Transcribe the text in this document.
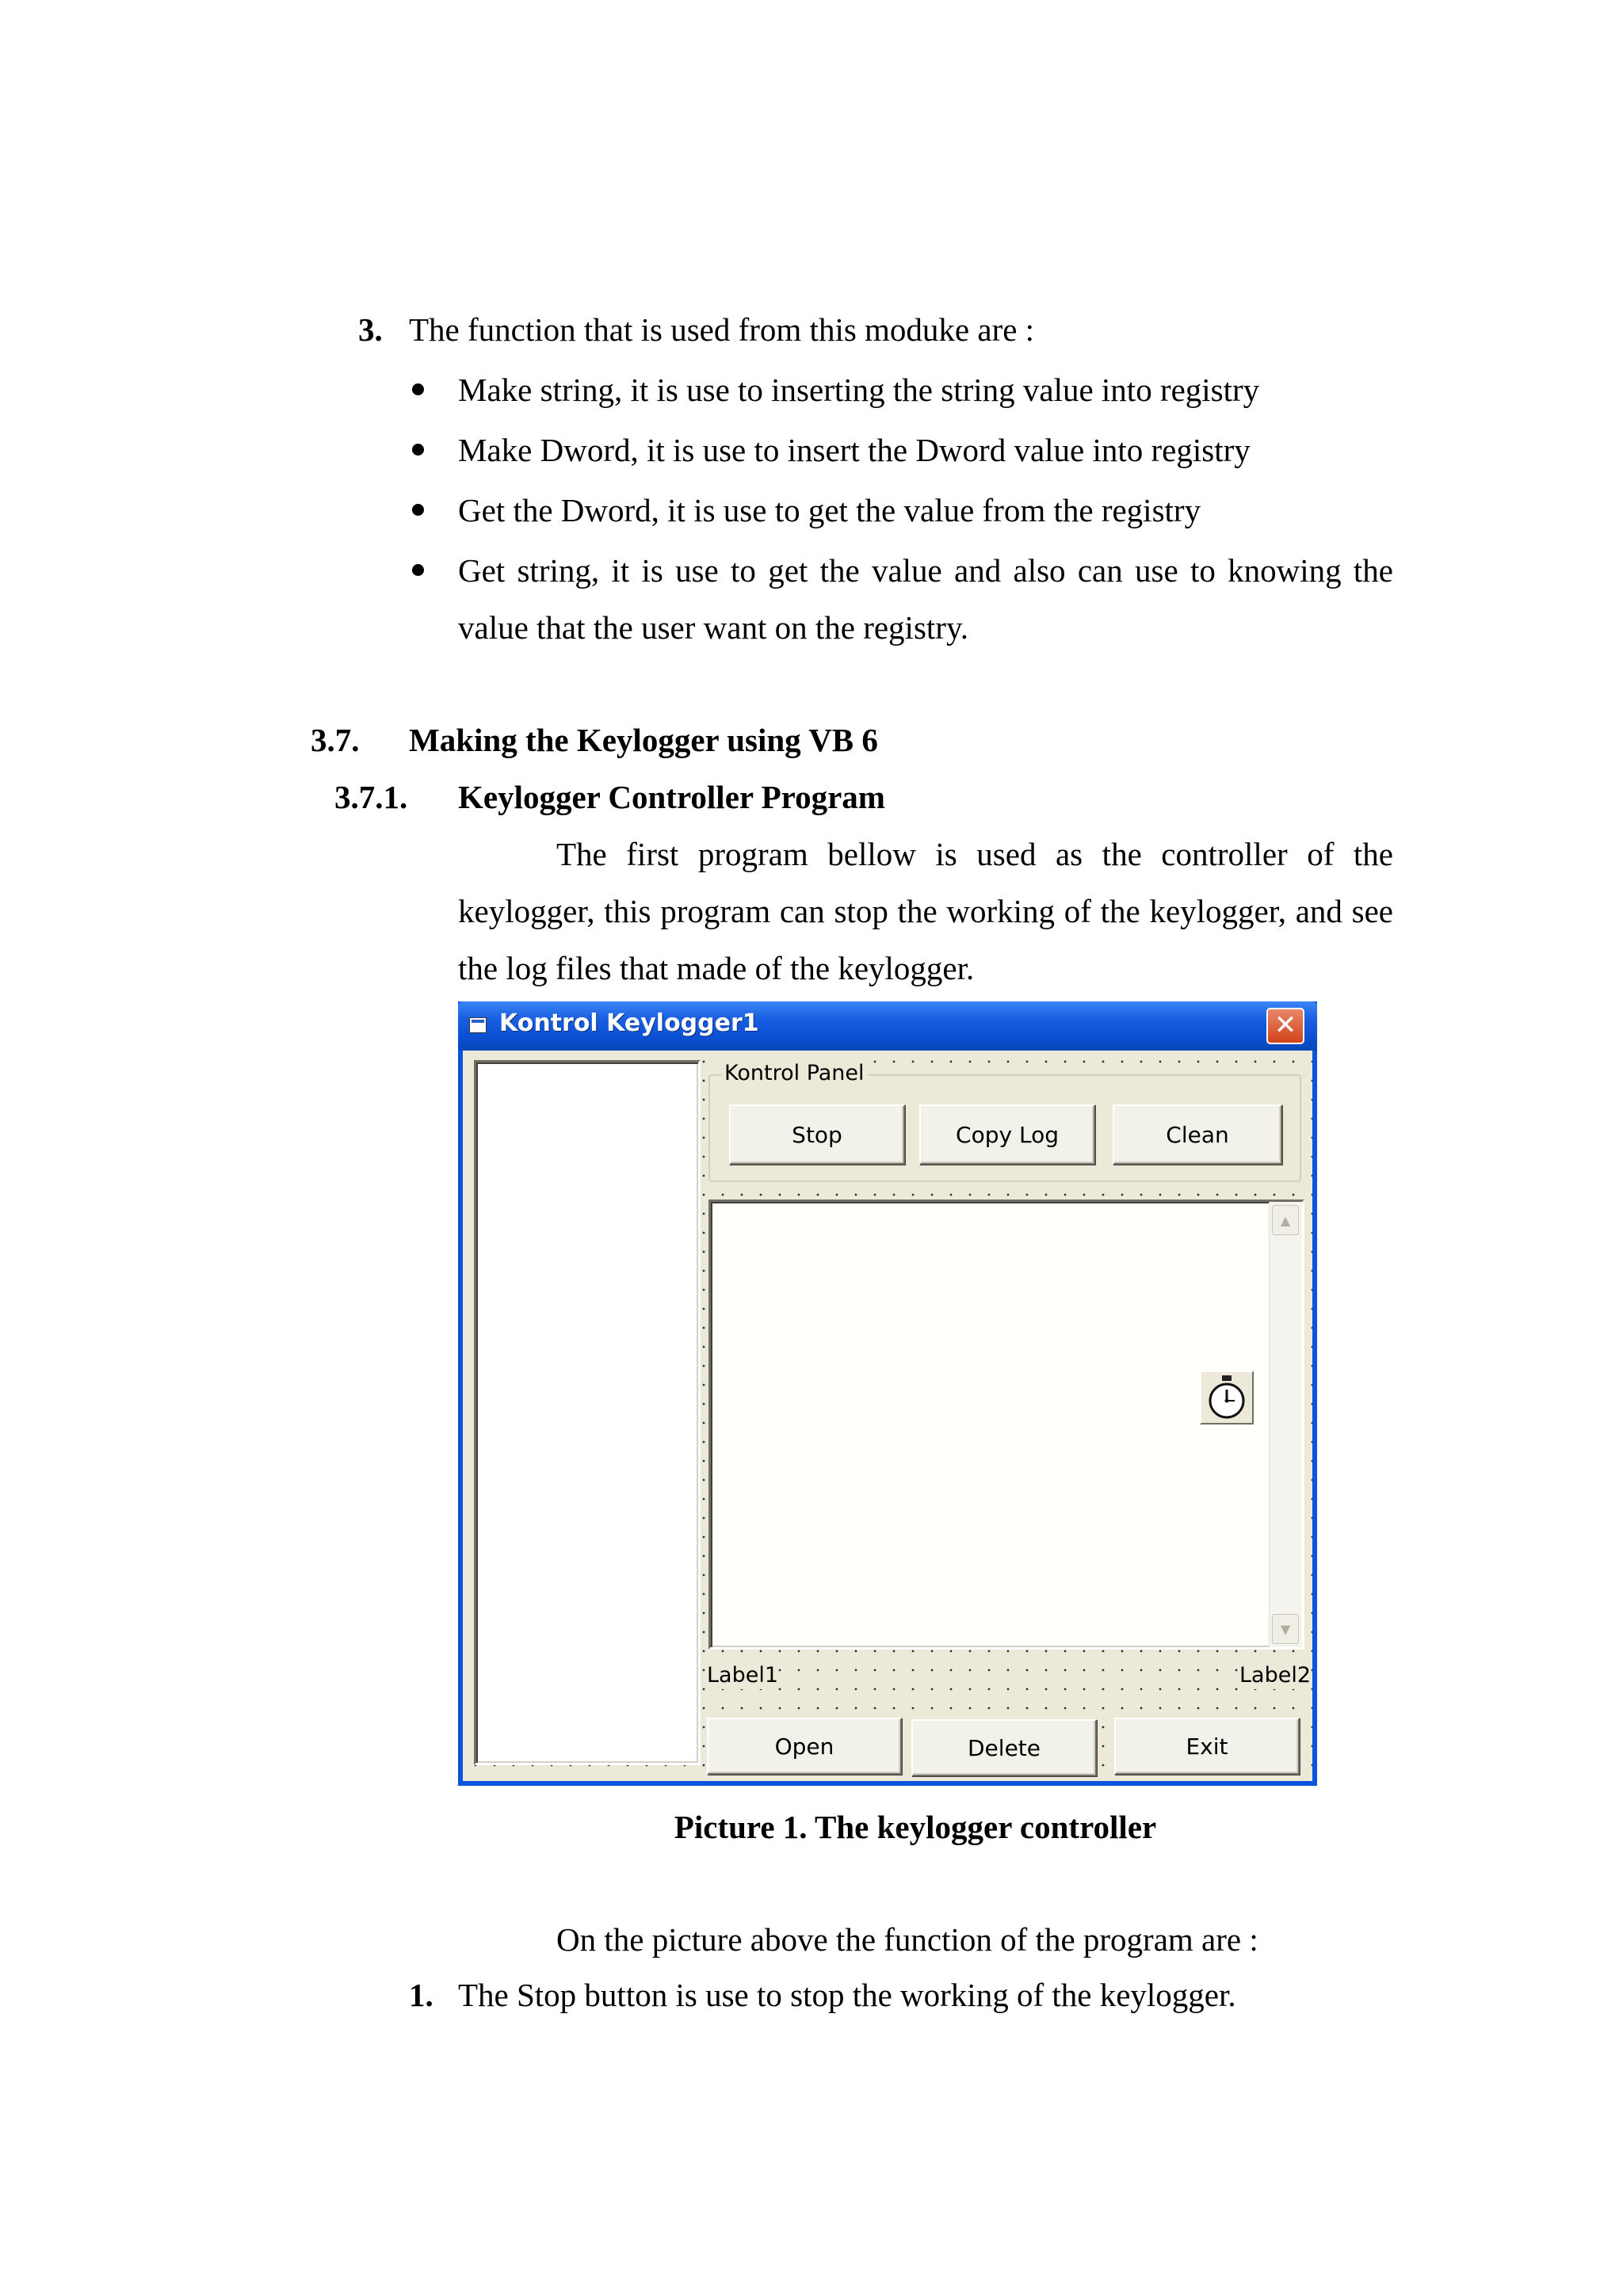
3. The function that is used from this moduke are :
Make string, it is use to inserting the string value into registry
Make Dword, it is use to insert the Dword value into registry
Get the Dword, it is use to get the value from the registry
Get string, it is use to get the value and also can use to knowing the
value that the user want on the registry.
3.7. Making the Keylogger using VB 6
3.7.1. Keylogger Controller Program
The first program bellow is used as the controller of the
keylogger, this program can stop the working of the keylogger, and see
the log files that made of the keylogger.
Kontrol Keylogger1	✕
Kontrol Panel
Stop	Copy Log	Clean
▲
▼
Label1	Label2
Open	Delete	Exit
Picture 1. The keylogger controller
On the picture above the function of the program are :
1. The Stop button is use to stop the working of the keylogger.
